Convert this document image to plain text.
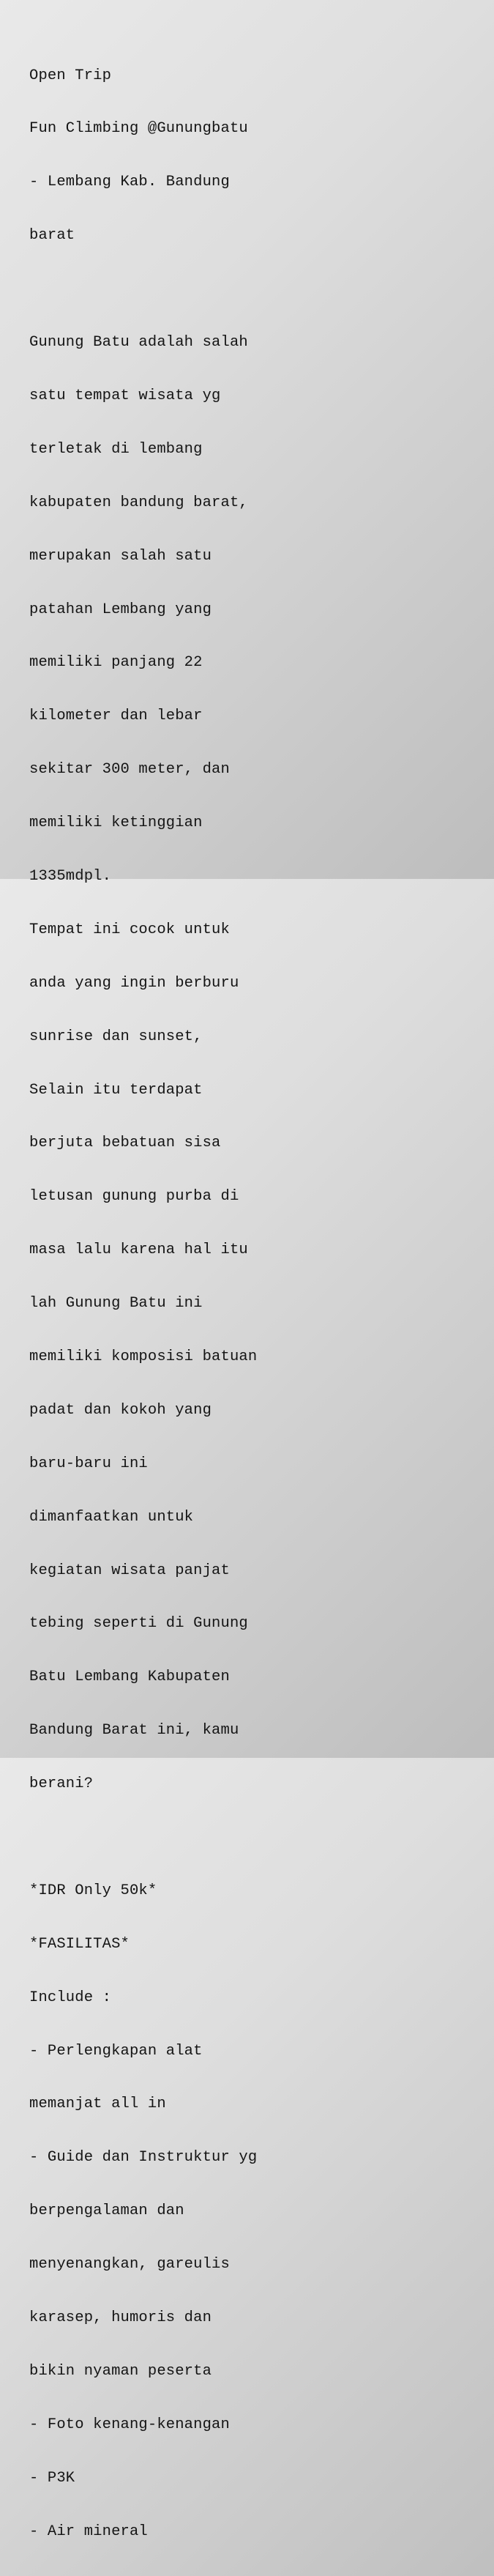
Open Trip

Fun Climbing @Gunungbatu

- Lembang Kab. Bandung

barat

Gunung Batu adalah salah

satu tempat wisata yg

terletak di lembang

kabupaten bandung barat,

merupakan salah satu

patahan Lembang yang

memiliki panjang 22

kilometer dan lebar

sekitar 300 meter, dan

memiliki ketinggian

1335mdpl.

Tempat ini cocok untuk

anda yang ingin berburu

sunrise dan sunset,

Selain itu terdapat

berjuta bebatuan sisa

letusan gunung purba di

masa lalu karena hal itu

lah Gunung Batu ini

memiliki komposisi batuan

padat dan kokoh yang

baru-baru ini

dimanfaatkan untuk

kegiatan wisata panjat

tebing seperti di Gunung

Batu Lembang Kabupaten

Bandung Barat ini, kamu

berani?

*IDR Only 50k*

*FASILITAS*

Include :

- Perlengkapan alat

memanjat all in

- Guide dan Instruktur yg

berpengalaman dan

menyenangkan, gareulis

karasep, humoris dan

bikin nyaman peserta

- Foto kenang-kenangan

- P3K

- Air mineral
